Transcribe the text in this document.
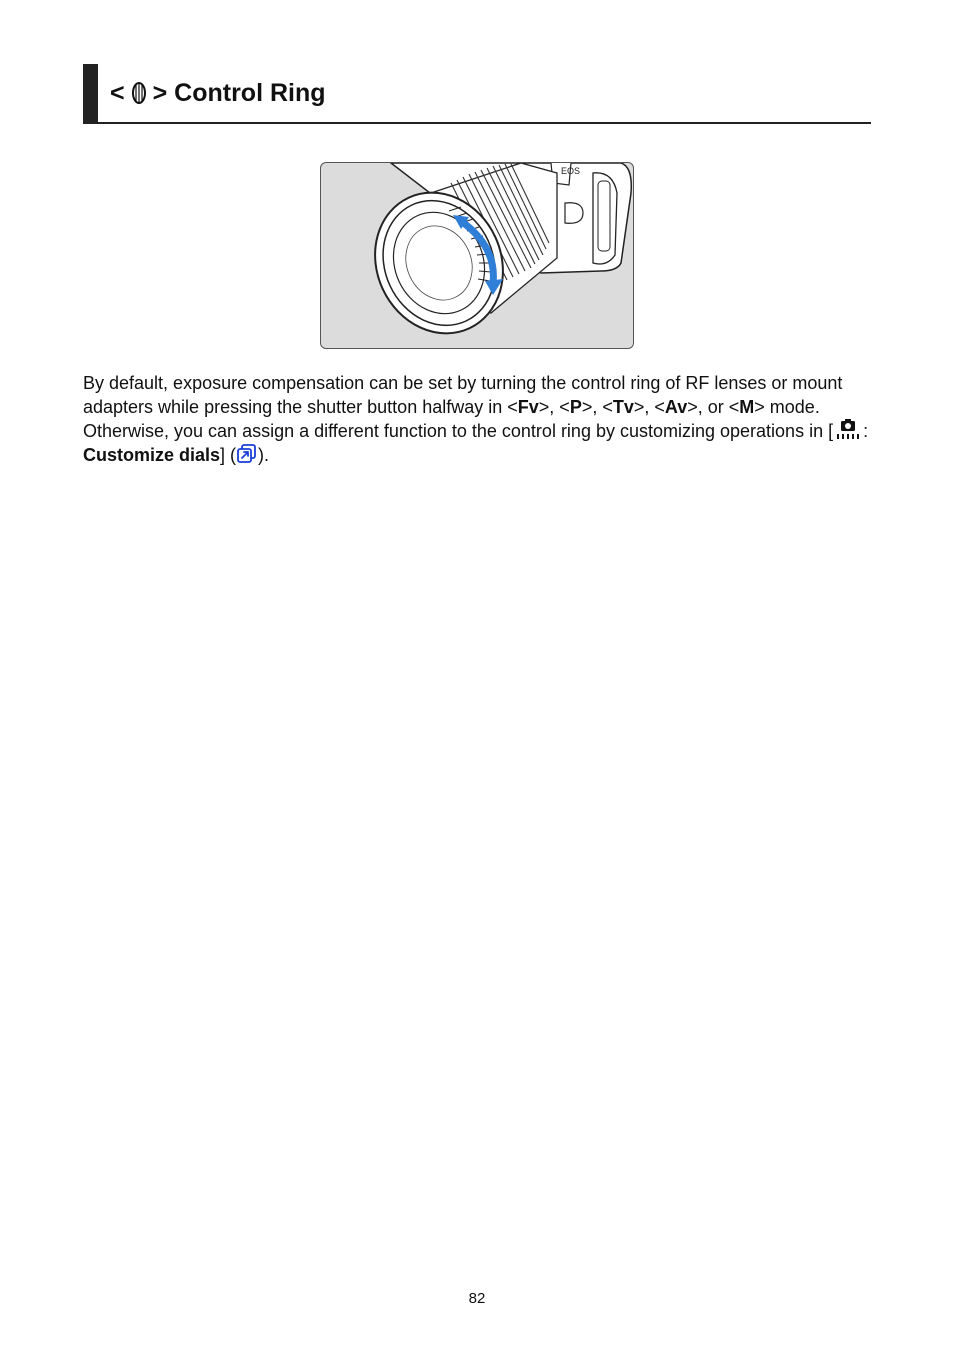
< > Control Ring
EOS
By default, exposure compensation can be set by turning the control ring of RF lenses or mount adapters while pressing the shutter button halfway in <Fv>, <P>, <Tv>, <Av>, or <M> mode. Otherwise, you can assign a different function to the control ring by customizing operations in [ : Customize dials] ( ).
82
